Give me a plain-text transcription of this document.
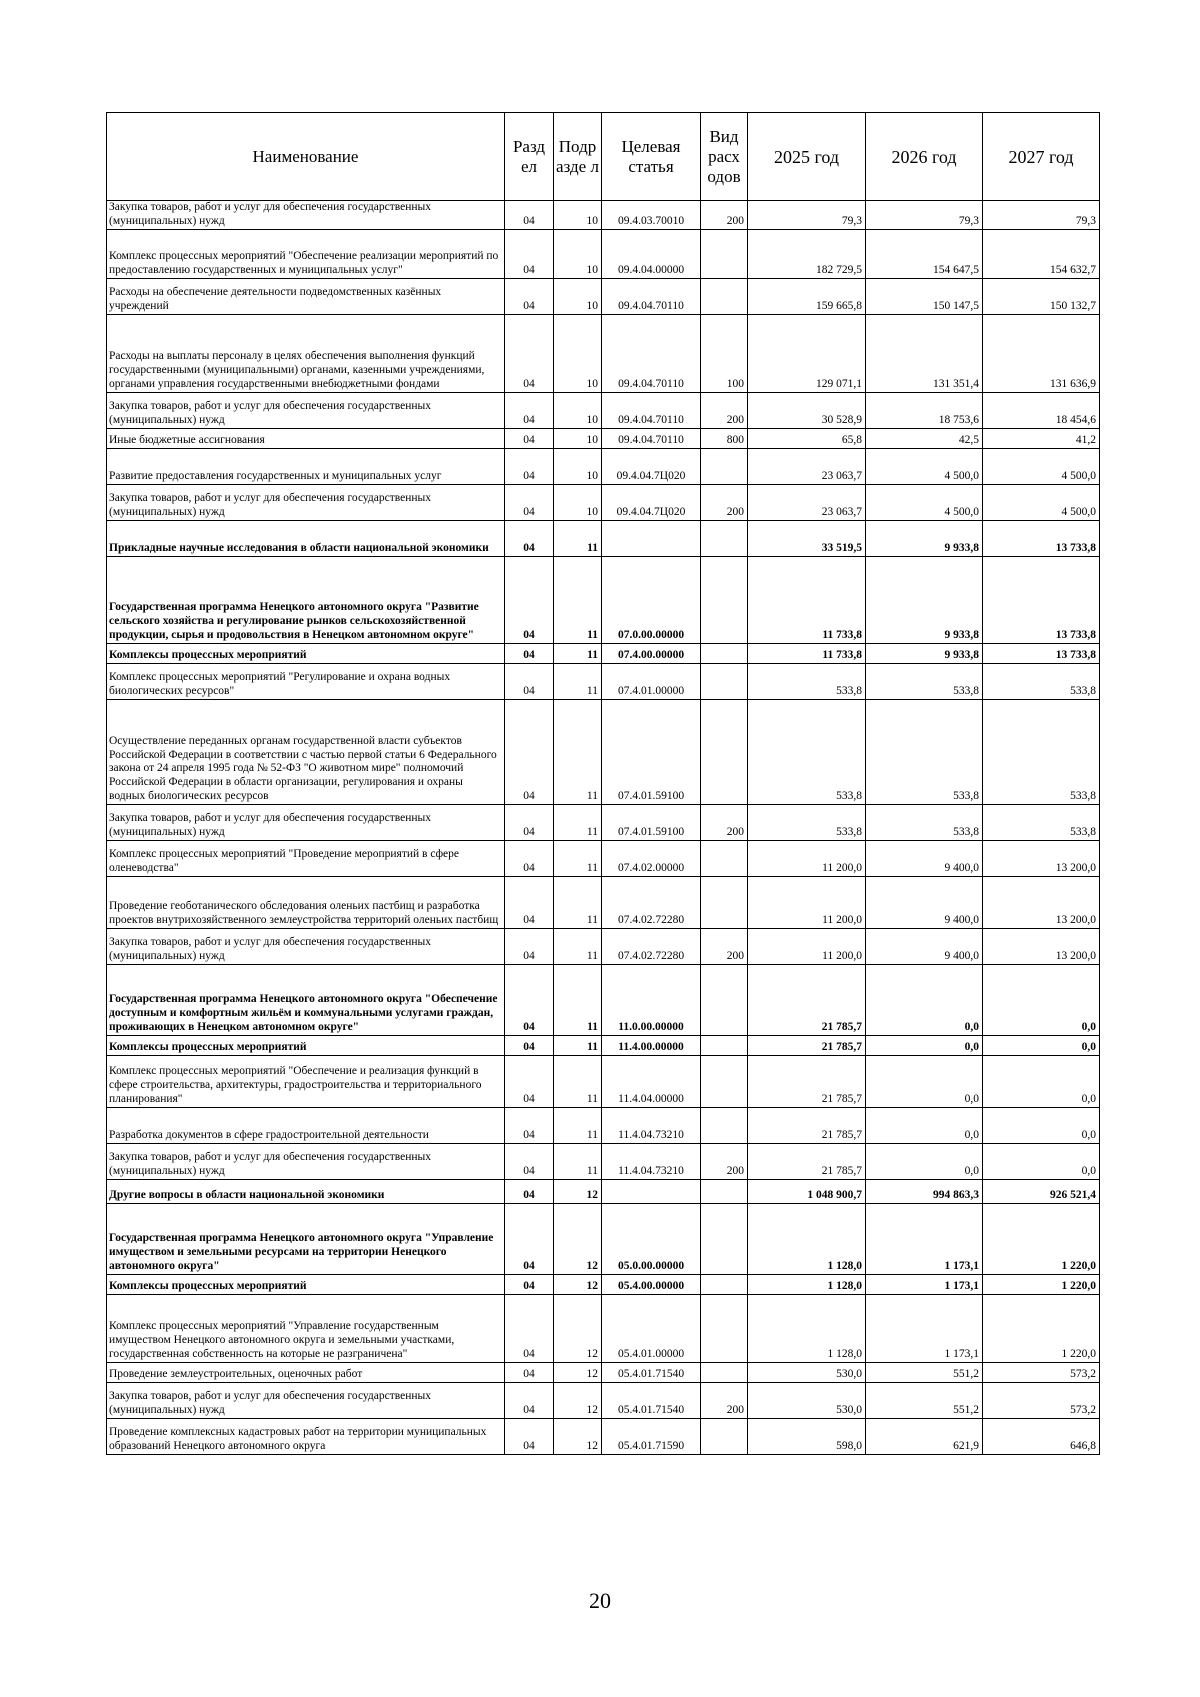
Наименование	Разд ел	Подр азде л	Целевая статья	Вид расх одов	2025 год	2026 год	2027 год
Закупка товаров, работ и услуг для обеспечения государственных (муниципальных) нужд	04	10	09.4.03.70010	200	79,3	79,3	79,3
Комплекс процессных мероприятий "Обеспечение реализации мероприятий по предоставлению государственных и муниципальных услуг"	04	10	09.4.04.00000		182 729,5	154 647,5	154 632,7
Расходы на обеспечение деятельности подведомственных казённых учреждений	04	10	09.4.04.70110		159 665,8	150 147,5	150 132,7
Расходы на выплаты персоналу в целях обеспечения выполнения функций государственными (муниципальными) органами, казенными учреждениями, органами управления государственными внебюджетными фондами	04	10	09.4.04.70110	100	129 071,1	131 351,4	131 636,9
Закупка товаров, работ и услуг для обеспечения государственных (муниципальных) нужд	04	10	09.4.04.70110	200	30 528,9	18 753,6	18 454,6
Иные бюджетные ассигнования	04	10	09.4.04.70110	800	65,8	42,5	41,2
Развитие предоставления государственных и муниципальных услуг	04	10	09.4.04.7Ц020		23 063,7	4 500,0	4 500,0
Закупка товаров, работ и услуг для обеспечения государственных (муниципальных) нужд	04	10	09.4.04.7Ц020	200	23 063,7	4 500,0	4 500,0
Прикладные научные исследования в области национальной экономики	04	11			33 519,5	9 933,8	13 733,8
Государственная программа Ненецкого автономного округа "Развитие сельского хозяйства и регулирование рынков сельскохозяйственной продукции, сырья и продовольствия в Ненецком автономном округе"	04	11	07.0.00.00000		11 733,8	9 933,8	13 733,8
Комплексы процессных мероприятий	04	11	07.4.00.00000		11 733,8	9 933,8	13 733,8
Комплекс процессных мероприятий "Регулирование и охрана водных биологических ресурсов"	04	11	07.4.01.00000		533,8	533,8	533,8
Осуществление переданных органам государственной власти субъектов Российской Федерации в соответствии с частью первой статьи 6 Федерального закона от 24 апреля 1995 года № 52-ФЗ "О животном мире" полномочий Российской Федерации в области организации, регулирования и охраны водных биологических ресурсов	04	11	07.4.01.59100		533,8	533,8	533,8
Закупка товаров, работ и услуг для обеспечения государственных (муниципальных) нужд	04	11	07.4.01.59100	200	533,8	533,8	533,8
Комплекс процессных мероприятий "Проведение мероприятий в сфере оленеводства"	04	11	07.4.02.00000		11 200,0	9 400,0	13 200,0
Проведение геоботанического обследования оленьих пастбищ и разработка проектов внутрихозяйственного землеустройства территорий оленьих пастбищ	04	11	07.4.02.72280		11 200,0	9 400,0	13 200,0
Закупка товаров, работ и услуг для обеспечения государственных (муниципальных) нужд	04	11	07.4.02.72280	200	11 200,0	9 400,0	13 200,0
Государственная программа Ненецкого автономного округа "Обеспечение доступным и комфортным жильём и коммунальными услугами граждан, проживающих в Ненецком автономном округе"	04	11	11.0.00.00000		21 785,7	0,0	0,0
Комплексы процессных мероприятий	04	11	11.4.00.00000		21 785,7	0,0	0,0
Комплекс процессных мероприятий "Обеспечение и реализация функций в сфере строительства, архитектуры, градостроительства и территориального планирования"	04	11	11.4.04.00000		21 785,7	0,0	0,0
Разработка документов в сфере градостроительной деятельности	04	11	11.4.04.73210		21 785,7	0,0	0,0
Закупка товаров, работ и услуг для обеспечения государственных (муниципальных) нужд	04	11	11.4.04.73210	200	21 785,7	0,0	0,0
Другие вопросы в области национальной экономики	04	12			1 048 900,7	994 863,3	926 521,4
Государственная программа Ненецкого автономного округа "Управление имуществом и земельными ресурсами на территории Ненецкого автономного округа"	04	12	05.0.00.00000		1 128,0	1 173,1	1 220,0
Комплексы процессных мероприятий	04	12	05.4.00.00000		1 128,0	1 173,1	1 220,0
Комплекс процессных мероприятий "Управление государственным имуществом Ненецкого автономного округа и земельными участками, государственная собственность на которые не разграничена"	04	12	05.4.01.00000		1 128,0	1 173,1	1 220,0
Проведение землеустроительных, оценочных работ	04	12	05.4.01.71540		530,0	551,2	573,2
Закупка товаров, работ и услуг для обеспечения государственных (муниципальных) нужд	04	12	05.4.01.71540	200	530,0	551,2	573,2
Проведение комплексных кадастровых работ на территории муниципальных образований Ненецкого автономного округа	04	12	05.4.01.71590		598,0	621,9	646,8
20
